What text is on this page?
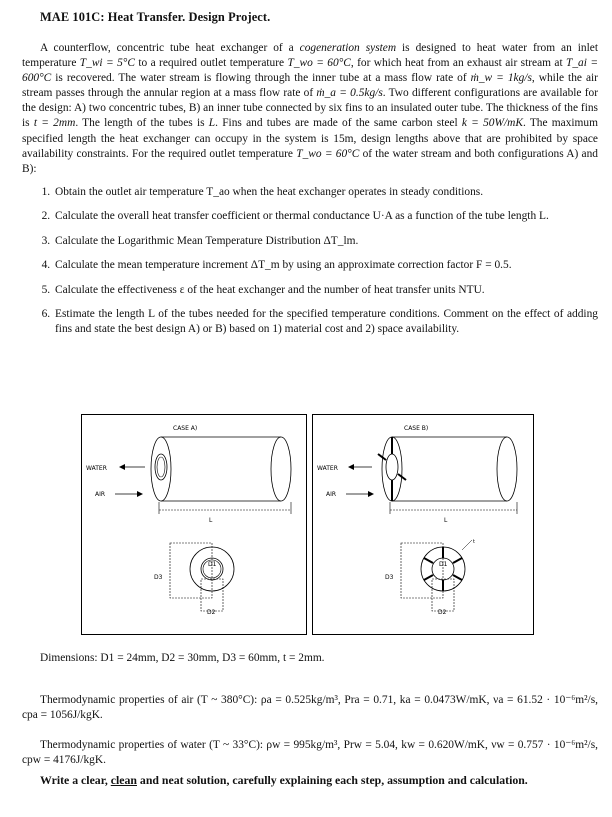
MAE 101C: Heat Transfer. Design Project.

A counterflow, concentric tube heat exchanger of a cogeneration system is designed to heat water from an inlet temperature T_wi = 5°C to a required outlet temperature T_wo = 60°C, for which heat from an exhaust air stream at T_ai = 600°C is recovered. The water stream is flowing through the inner tube at a mass flow rate of ṁ_w = 1kg/s, while the air stream passes through the annular region at a mass flow rate of ṁ_a = 0.5kg/s. Two different configurations are available for the design: A) two concentric tubes, B) an inner tube connected by six fins to an insulated outer tube. The thickness of the fins is t = 2mm. The length of the tubes is L. Fins and tubes are made of the same carbon steel k = 50W/mK. The maximum specified length the heat exchanger can occupy in the system is 15m, design lengths above that are prohibited by space availability constraints. For the required outlet temperature T_wo = 60°C of the water stream and both configurations A) and B):

1. Obtain the outlet air temperature T_ao when the heat exchanger operates in steady conditions.
2. Calculate the overall heat transfer coefficient or thermal conductance U·A as a function of the tube length L.
3. Calculate the Logarithmic Mean Temperature Distribution ΔT_lm.
4. Calculate the mean temperature increment ΔT_m by using an approximate correction factor F = 0.5.
5. Calculate the effectiveness ε of the heat exchanger and the number of heat transfer units NTU.
6. Estimate the length L of the tubes needed for the specified temperature conditions. Comment on the effect of adding fins and state the best design A) or B) based on 1) material cost and 2) space availability.
CASE A)
WATER
AIR
L
D3
D1
D2
CASE B)
WATER
AIR
L
t
D3
D1
D2
Dimensions: D1 = 24mm, D2 = 30mm, D3 = 60mm, t = 2mm.

Thermodynamic properties of air (T ~ 380°C): ρa = 0.525kg/m³, Pra = 0.71, ka = 0.0473W/mK, νa = 61.52 · 10⁻⁶m²/s, cpa = 1056J/kgK.

Thermodynamic properties of water (T ~ 33°C): ρw = 995kg/m³, Prw = 5.04, kw = 0.620W/mK, νw = 0.757 · 10⁻⁶m²/s, cpw = 4176J/kgK.

Write a clear, clean and neat solution, carefully explaining each step, assumption and calculation.
